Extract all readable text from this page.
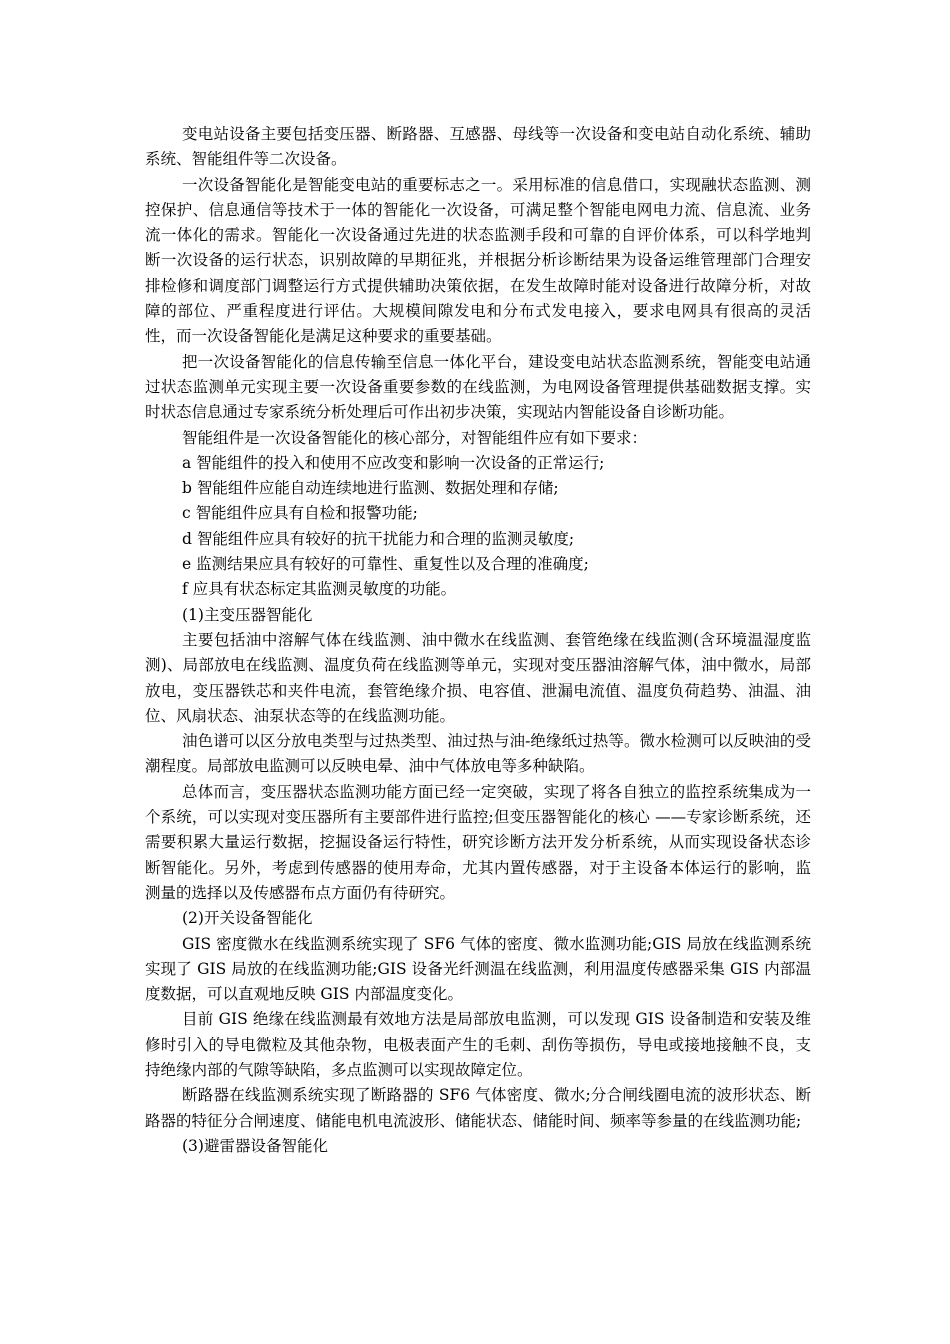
变电站设备主要包括变压器、断路器、互感器、母线等一次设备和变电站自动化系统、辅助系统、智能组件等二次设备。

一次设备智能化是智能变电站的重要标志之一。采用标准的信息借口，实现融状态监测、测控保护、信息通信等技术于一体的智能化一次设备，可满足整个智能电网电力流、信息流、业务流一体化的需求。智能化一次设备通过先进的状态监测手段和可靠的自评价体系，可以科学地判断一次设备的运行状态，识别故障的早期征兆，并根据分析诊断结果为设备运维管理部门合理安排检修和调度部门调整运行方式提供辅助决策依据，在发生故障时能对设备进行故障分析，对故障的部位、严重程度进行评估。大规模间隙发电和分布式发电接入，要求电网具有很高的灵活性，而一次设备智能化是满足这种要求的重要基础。

把一次设备智能化的信息传输至信息一体化平台，建设变电站状态监测系统，智能变电站通过状态监测单元实现主要一次设备重要参数的在线监测，为电网设备管理提供基础数据支撑。实时状态信息通过专家系统分析处理后可作出初步决策，实现站内智能设备自诊断功能。

智能组件是一次设备智能化的核心部分，对智能组件应有如下要求：

a 智能组件的投入和使用不应改变和影响一次设备的正常运行;

b 智能组件应能自动连续地进行监测、数据处理和存储;

c 智能组件应具有自检和报警功能;

d 智能组件应具有较好的抗干扰能力和合理的监测灵敏度;

e 监测结果应具有较好的可靠性、重复性以及合理的准确度;

f 应具有状态标定其监测灵敏度的功能。

(1)主变压器智能化

主要包括油中溶解气体在线监测、油中微水在线监测、套管绝缘在线监测(含环境温湿度监测)、局部放电在线监测、温度负荷在线监测等单元，实现对变压器油溶解气体，油中微水，局部放电，变压器铁芯和夹件电流，套管绝缘介损、电容值、泄漏电流值、温度负荷趋势、油温、油位、风扇状态、油泵状态等的在线监测功能。

油色谱可以区分放电类型与过热类型、油过热与油-绝缘纸过热等。微水检测可以反映油的受潮程度。局部放电监测可以反映电晕、油中气体放电等多种缺陷。

总体而言，变压器状态监测功能方面已经一定突破，实现了将各自独立的监控系统集成为一个系统，可以实现对变压器所有主要部件进行监控;但变压器智能化的核心 ——专家诊断系统，还需要积累大量运行数据，挖掘设备运行特性，研究诊断方法开发分析系统，从而实现设备状态诊断智能化。另外，考虑到传感器的使用寿命，尤其内置传感器，对于主设备本体运行的影响，监测量的选择以及传感器布点方面仍有待研究。

(2)开关设备智能化

GIS 密度微水在线监测系统实现了 SF6 气体的密度、微水监测功能;GIS 局放在线监测系统实现了 GIS 局放的在线监测功能;GIS 设备光纤测温在线监测，利用温度传感器采集 GIS 内部温度数据，可以直观地反映 GIS 内部温度变化。

目前 GIS 绝缘在线监测最有效地方法是局部放电监测，可以发现 GIS 设备制造和安装及维修时引入的导电微粒及其他杂物，电极表面产生的毛刺、刮伤等损伤，导电或接地接触不良，支持绝缘内部的气隙等缺陷，多点监测可以实现故障定位。

断路器在线监测系统实现了断路器的 SF6 气体密度、微水;分合闸线圈电流的波形状态、断路器的特征分合闸速度、储能电机电流波形、储能状态、储能时间、频率等参量的在线监测功能;

(3)避雷器设备智能化
